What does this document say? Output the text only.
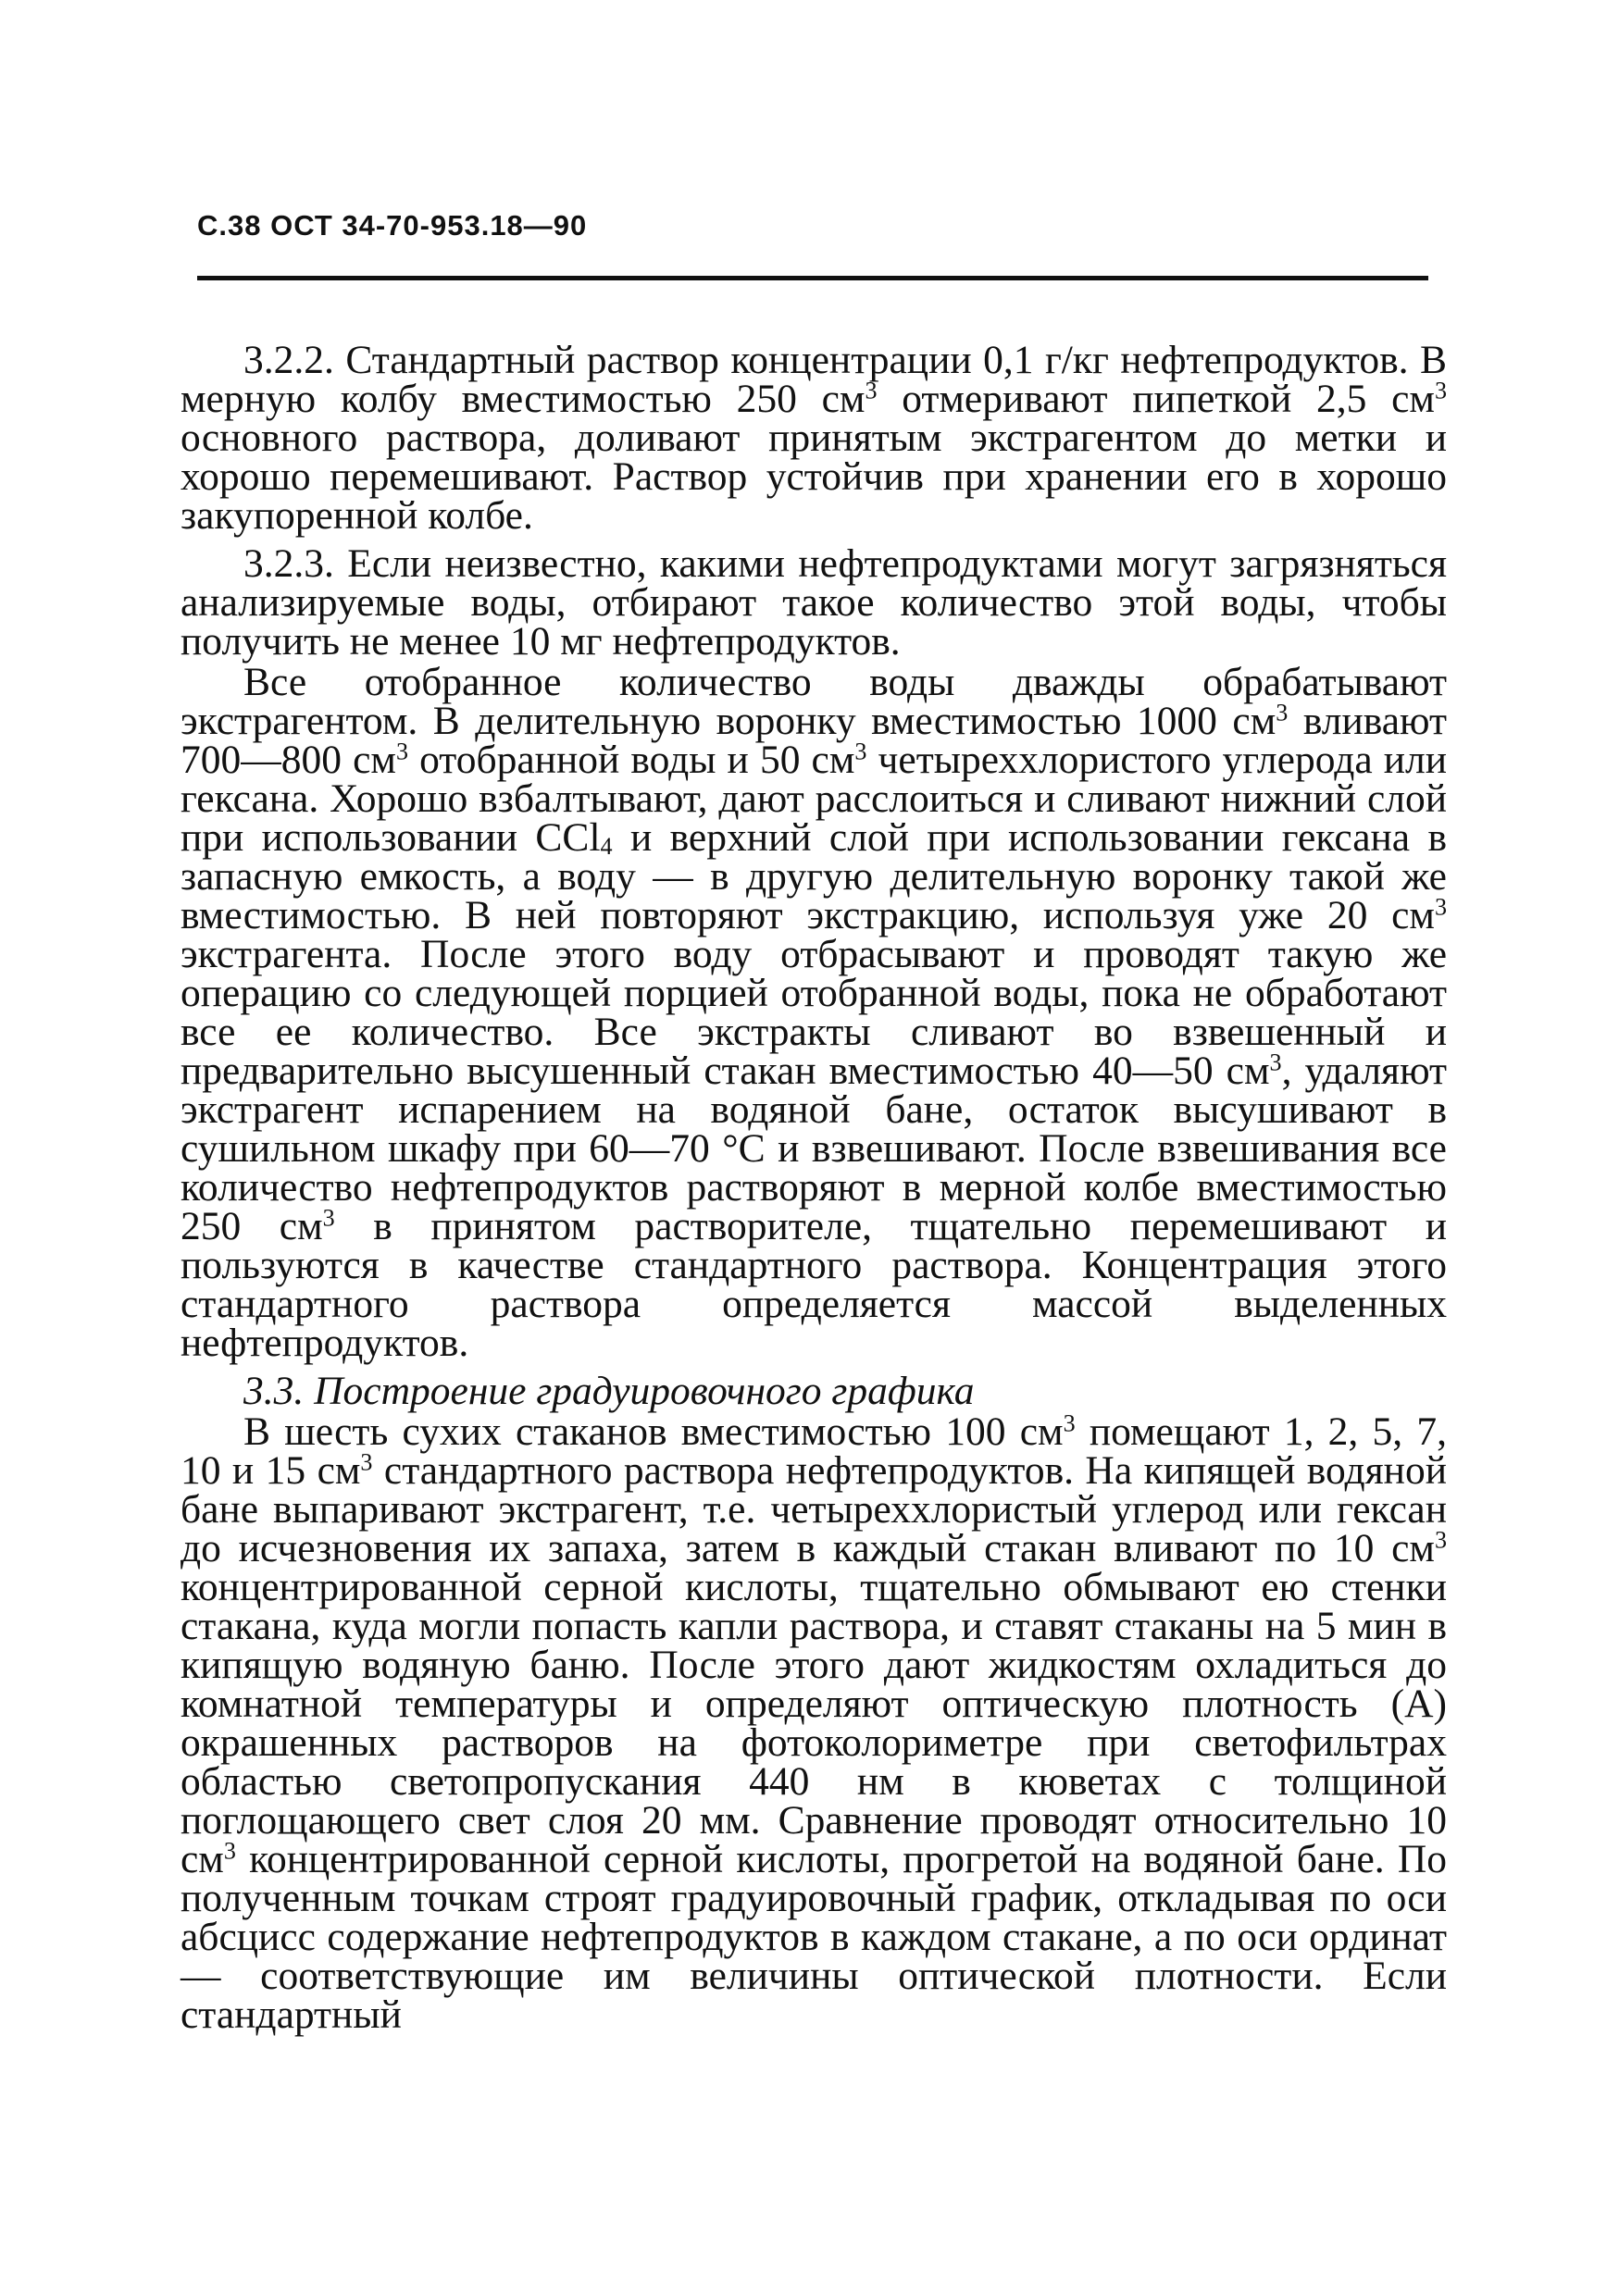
С.38 ОСТ 34-70-953.18—90

3.2.2. Стандартный раствор концентрации 0,1 г/кг нефтепродуктов. В мерную колбу вместимостью 250 $см^3$ отмеривают пипеткой 2,5 $см^3$ основного раствора, доливают принятым экстрагентом до метки и хорошо перемешивают. Раствор устойчив при хранении его в хорошо закупоренной колбе.

3.2.3. Если неизвестно, какими нефтепродуктами могут загрязняться анализируемые воды, отбирают такое количество этой воды, чтобы получить не менее 10 мг нефтепродуктов.

Все отобранное количество воды дважды обрабатывают экстрагентом. В делительную воронку вместимостью 1000 $см^3$ вливают 700—800 $см^3$ отобранной воды и 50 $см^3$ четыреххлористого углерода или гексана. Хорошо взбалтывают, дают расслоиться и сливают нижний слой при использовании CCl$_4$ и верхний слой при использовании гексана в запасную емкость, а воду — в другую делительную воронку такой же вместимостью. В ней повторяют экстракцию, используя уже 20 $см^3$ экстрагента. После этого воду отбрасывают и проводят такую же операцию со следующей порцией отобранной воды, пока не обработают все ее количество. Все экстракты сливают во взвешенный и предварительно высушенный стакан вместимостью 40—50 $см^3$, удаляют экстрагент испарением на водяной бане, остаток высушивают в сушильном шкафу при 60—70 °С и взвешивают. После взвешивания все количество нефтепродуктов растворяют в мерной колбе вместимостью 250 $см^3$ в принятом растворителе, тщательно перемешивают и пользуются в качестве стандартного раствора. Концентрация этого стандартного раствора определяется массой выделенных нефтепродуктов.

3.3. Построение градуировочного графика

В шесть сухих стаканов вместимостью 100 $см^3$ помещают 1, 2, 5, 7, 10 и 15 $см^3$ стандартного раствора нефтепродуктов. На кипящей водяной бане выпаривают экстрагент, т.е. четыреххлористый углерод или гексан до исчезновения их запаха, затем в каждый стакан вливают по 10 $см^3$ концентрированной серной кислоты, тщательно обмывают ею стенки стакана, куда могли попасть капли раствора, и ставят стаканы на 5 мин в кипящую водяную баню. После этого дают жидкостям охладиться до комнатной температуры и определяют оптическую плотность (А) окрашенных растворов на фотоколориметре при светофильтрах областью светопропускания 440 нм в кюветах с толщиной поглощающего свет слоя 20 мм. Сравнение проводят относительно 10 $см^3$ концентрированной серной кислоты, прогретой на водяной бане. По полученным точкам строят градуировочный график, откладывая по оси абсцисс содержание нефтепродуктов в каждом стакане, а по оси ординат — соответствующие им величины оптической плотности. Если стандартный
